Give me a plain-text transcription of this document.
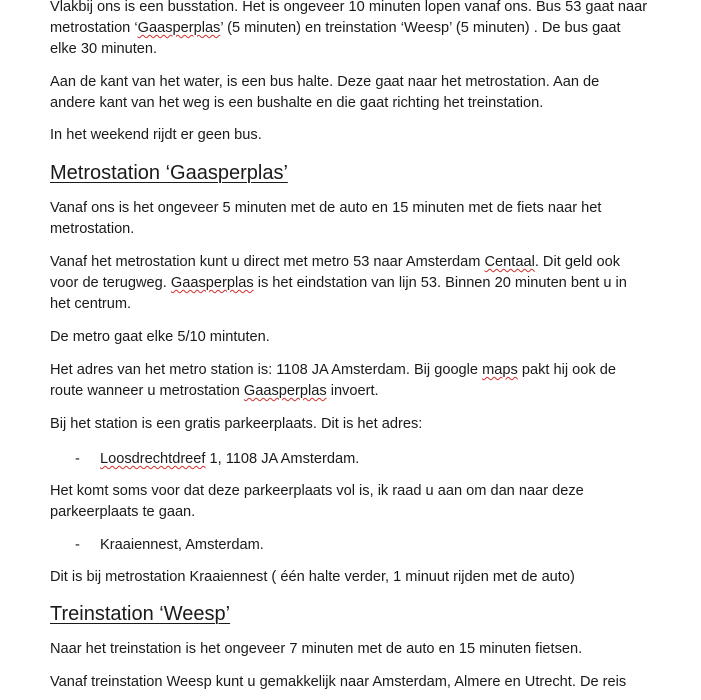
Vlakbij ons is een busstation. Het is ongeveer 10 minuten lopen vanaf ons. Bus 53 gaat naar

metrostation ‘Gaasperplas’ (5 minuten) en treinstation ‘Weesp’ (5 minuten) . De bus gaat

elke 30 minuten.

Aan de kant van het water, is een bus halte. Deze gaat naar het metrostation. Aan de

andere kant van het weg is een bushalte en die gaat richting het treinstation.

In het weekend rijdt er geen bus.

Metrostation ‘Gaasperplas’

Vanaf ons is het ongeveer 5 minuten met de auto en 15 minuten met de fiets naar het

metrostation.

Vanaf het metrostation kunt u direct met metro 53 naar Amsterdam Centaal. Dit geld ook

voor de terugweg. Gaasperplas is het eindstation van lijn 53. Binnen 20 minuten bent u in

het centrum.

De metro gaat elke 5/10 mintuten.

Het adres van het metro station is: 1108 JA Amsterdam. Bij google maps pakt hij ook de

route wanneer u metrostation Gaasperplas invoert.

Bij het station is een gratis parkeerplaats. Dit is het adres:

- Loosdrechtdreef 1, 1108 JA Amsterdam.

Het komt soms voor dat deze parkeerplaats vol is, ik raad u aan om dan naar deze

parkeerplaats te gaan.

- Kraaiennest, Amsterdam.

Dit is bij metrostation Kraaiennest ( één halte verder, 1 minuut rijden met de auto)

Treinstation ‘Weesp’

Naar het treinstation is het ongeveer 7 minuten met de auto en 15 minuten fietsen.

Vanaf treinstation Weesp kunt u gemakkelijk naar Amsterdam, Almere en Utrecht. De reis
